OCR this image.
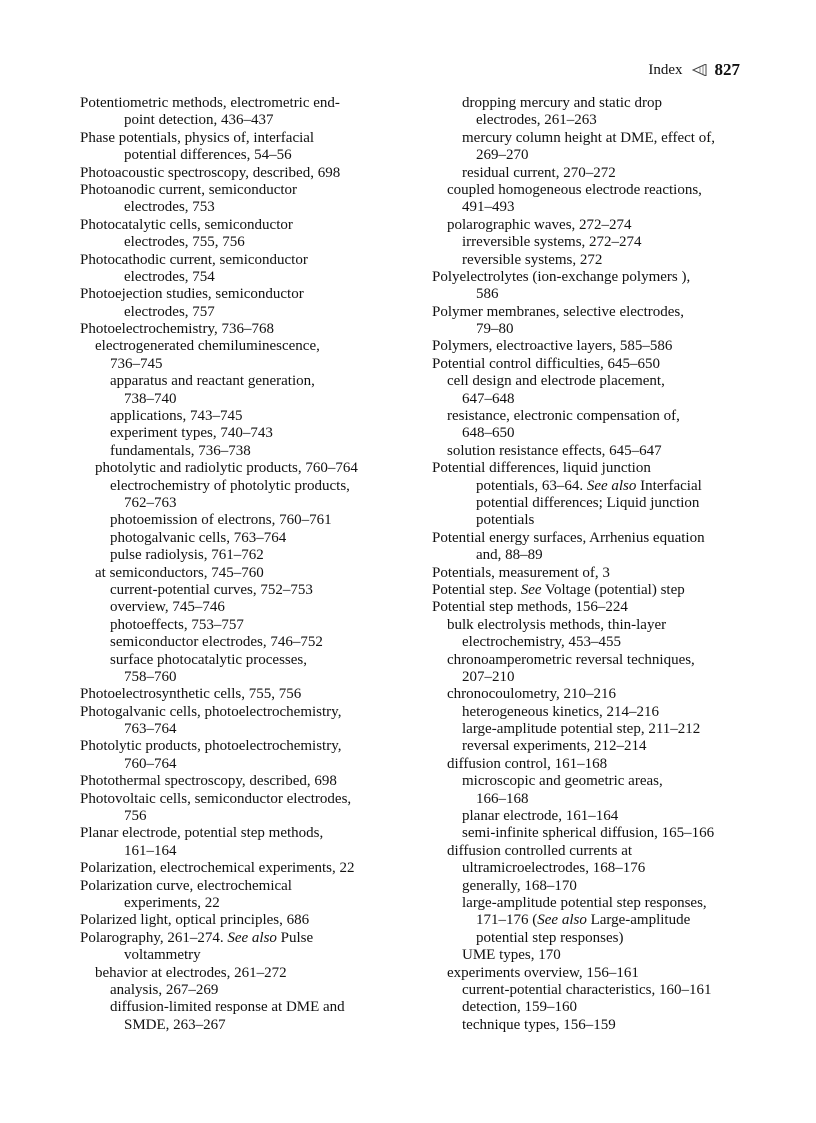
Index 827
Potentiometric methods, electrometric end-
point detection, 436–437
Phase potentials, physics of, interfacial
potential differences, 54–56
Photoacoustic spectroscopy, described, 698
Photoanodic current, semiconductor
electrodes, 753
Photocatalytic cells, semiconductor
electrodes, 755, 756
Photocathodic current, semiconductor
electrodes, 754
Photoejection studies, semiconductor
electrodes, 757
Photoelectrochemistry, 736–768
electrogenerated chemiluminescence,
736–745
apparatus and reactant generation,
738–740
applications, 743–745
experiment types, 740–743
fundamentals, 736–738
photolytic and radiolytic products, 760–764
electrochemistry of photolytic products,
762–763
photoemission of electrons, 760–761
photogalvanic cells, 763–764
pulse radiolysis, 761–762
at semiconductors, 745–760
current-potential curves, 752–753
overview, 745–746
photoeffects, 753–757
semiconductor electrodes, 746–752
surface photocatalytic processes,
758–760
Photoelectrosynthetic cells, 755, 756
Photogalvanic cells, photoelectrochemistry,
763–764
Photolytic products, photoelectrochemistry,
760–764
Photothermal spectroscopy, described, 698
Photovoltaic cells, semiconductor electrodes,
756
Planar electrode, potential step methods,
161–164
Polarization, electrochemical experiments, 22
Polarization curve, electrochemical
experiments, 22
Polarized light, optical principles, 686
Polarography, 261–274. See also Pulse
voltammetry
behavior at electrodes, 261–272
analysis, 267–269
diffusion-limited response at DME and
SMDE, 263–267
dropping mercury and static drop
electrodes, 261–263
mercury column height at DME, effect of,
269–270
residual current, 270–272
coupled homogeneous electrode reactions,
491–493
polarographic waves, 272–274
irreversible systems, 272–274
reversible systems, 272
Polyelectrolytes (ion-exchange polymers ),
586
Polymer membranes, selective electrodes,
79–80
Polymers, electroactive layers, 585–586
Potential control difficulties, 645–650
cell design and electrode placement,
647–648
resistance, electronic compensation of,
648–650
solution resistance effects, 645–647
Potential differences, liquid junction
potentials, 63–64. See also Interfacial
potential differences; Liquid junction
potentials
Potential energy surfaces, Arrhenius equation
and, 88–89
Potentials, measurement of, 3
Potential step. See Voltage (potential) step
Potential step methods, 156–224
bulk electrolysis methods, thin-layer
electrochemistry, 453–455
chronoamperometric reversal techniques,
207–210
chronocoulometry, 210–216
heterogeneous kinetics, 214–216
large-amplitude potential step, 211–212
reversal experiments, 212–214
diffusion control, 161–168
microscopic and geometric areas,
166–168
planar electrode, 161–164
semi-infinite spherical diffusion, 165–166
diffusion controlled currents at
ultramicroelectrodes, 168–176
generally, 168–170
large-amplitude potential step responses,
171–176 (See also Large-amplitude
potential step responses)
UME types, 170
experiments overview, 156–161
current-potential characteristics, 160–161
detection, 159–160
technique types, 156–159
